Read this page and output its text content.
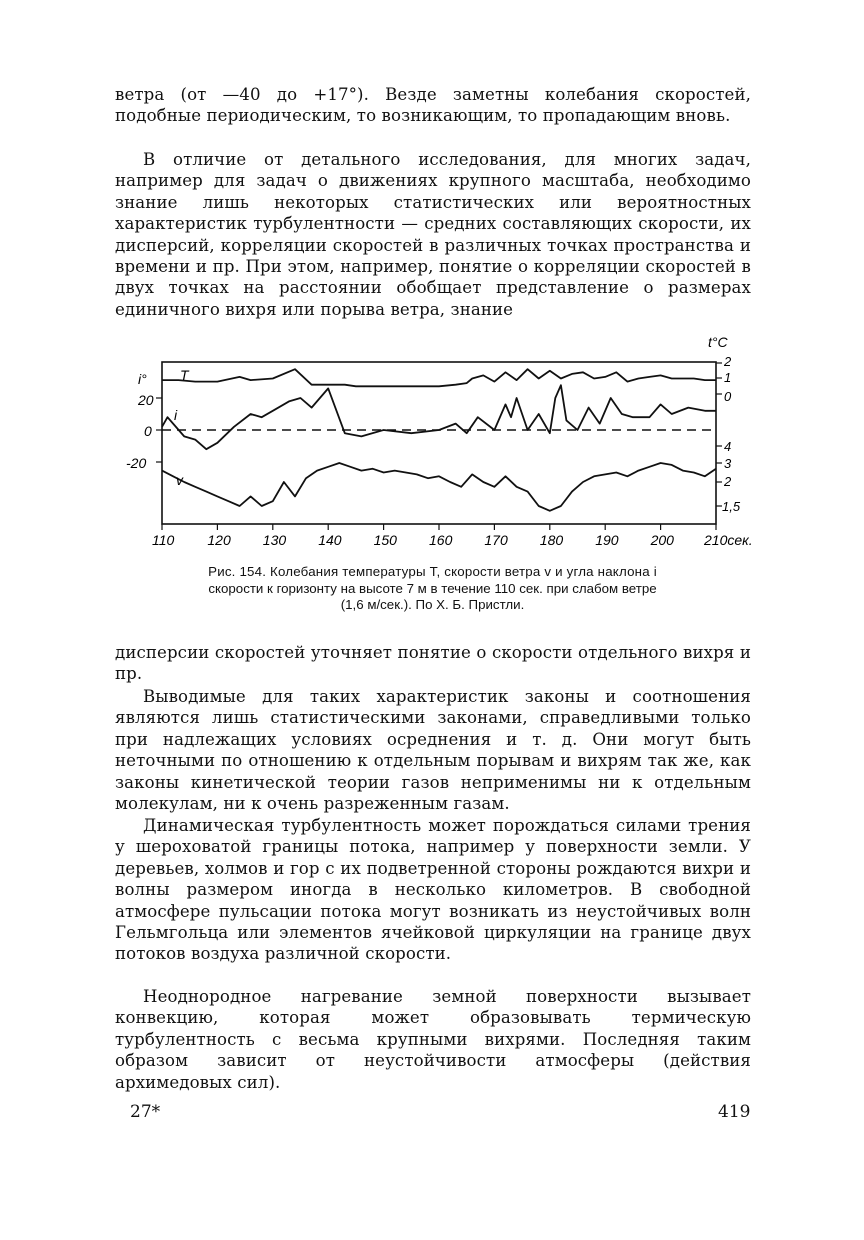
ветра (от —40 до +17°). Везде заметны колебания скоростей, подобные периодическим, то возникающим, то пропадающим вновь.
В отличие от детального исследования, для многих задач, например для задач о движениях крупного масштаба, необходимо знание лишь некоторых статистических или вероятностных характеристик турбулентности — средних составляющих скорости, их дисперсий, корреляции скоростей в различных точках пространства и времени и пр. При этом, например, понятие о корреляции скоростей в двух точках на расстоянии обобщает представление о размерах единичного вихря или порыва ветра, знание
i°
20
0
-20
t°C
2
1
0
4
3
2
1,5
T
i
v
110 120 130 140 150 160 170 180 190 200 210сек.
Рис. 154. Колебания температуры T, скорости ветра v и угла наклона i
скорости к горизонту на высоте 7 м в течение 110 сек. при слабом ветре
(1,6 м/сек.). По Х. Б. Пристли.
дисперсии скоростей уточняет понятие о скорости отдельного вихря и пр.
Выводимые для таких характеристик законы и соотношения являются лишь статистическими законами, справедливыми только при надлежащих условиях осреднения и т. д. Они могут быть неточными по отношению к отдельным порывам и вихрям так же, как законы кинетической теории газов неприменимы ни к отдельным молекулам, ни к очень разреженным газам.
Динамическая турбулентность может порождаться силами трения у шероховатой границы потока, например у поверхности земли. У деревьев, холмов и гор с их подветренной стороны рождаются вихри и волны размером иногда в несколько километров. В свободной атмосфере пульсации потока могут возникать из неустойчивых волн Гельмгольца или элементов ячейковой циркуляции на границе двух потоков воздуха различной скорости.
Неоднородное нагревание земной поверхности вызывает конвекцию, которая может образовывать термическую турбулентность с весьма крупными вихрями. Последняя таким образом зависит от неустойчивости атмосферы (действия архимедовых сил).
27*	419
